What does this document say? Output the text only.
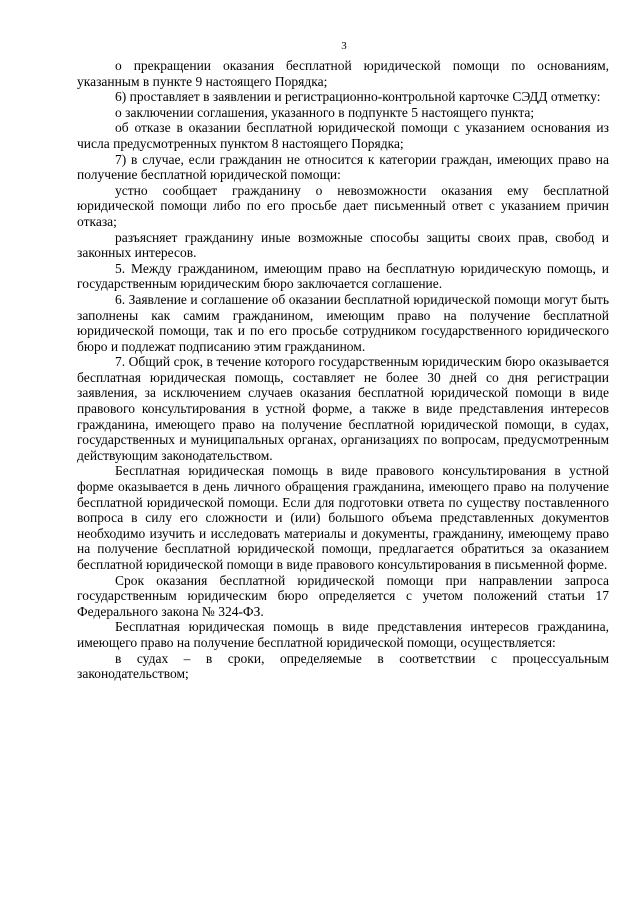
3

о прекращении оказания бесплатной юридической помощи по основаниям, указанным в пункте 9 настоящего Порядка;

6) проставляет в заявлении и регистрационно-контрольной карточке СЭДД отметку:

о заключении соглашения, указанного в подпункте 5 настоящего пункта;

об отказе в оказании бесплатной юридической помощи с указанием основания из числа предусмотренных пунктом 8 настоящего Порядка;

7) в случае, если гражданин не относится к категории граждан, имеющих право на получение бесплатной юридической помощи:

устно сообщает гражданину о невозможности оказания ему бесплатной юридической помощи либо по его просьбе дает письменный ответ с указанием причин отказа;

разъясняет гражданину иные возможные способы защиты своих прав, свобод и законных интересов.

5. Между гражданином, имеющим право на бесплатную юридическую помощь, и государственным юридическим бюро заключается соглашение.

6. Заявление и соглашение об оказании бесплатной юридической помощи могут быть заполнены как самим гражданином, имеющим право на получение бесплатной юридической помощи, так и по его просьбе сотрудником государственного юридического бюро и подлежат подписанию этим гражданином.

7. Общий срок, в течение которого государственным юридическим бюро оказывается бесплатная юридическая помощь, составляет не более 30 дней со дня регистрации заявления, за исключением случаев оказания бесплатной юридической помощи в виде правового консультирования в устной форме, а также в виде представления интересов гражданина, имеющего право на получение бесплатной юридической помощи, в судах, государственных и муниципальных органах, организациях по вопросам, предусмотренным действующим законодательством.

Бесплатная юридическая помощь в виде правового консультирования в устной форме оказывается в день личного обращения гражданина, имеющего право на получение бесплатной юридической помощи. Если для подготовки ответа по существу поставленного вопроса в силу его сложности и (или) большого объема представленных документов необходимо изучить и исследовать материалы и документы, гражданину, имеющему право на получение бесплатной юридической помощи, предлагается обратиться за оказанием бесплатной юридической помощи в виде правового консультирования в письменной форме.

Срок оказания бесплатной юридической помощи при направлении запроса государственным юридическим бюро определяется с учетом положений статьи 17 Федерального закона № 324-ФЗ.

Бесплатная юридическая помощь в виде представления интересов гражданина, имеющего право на получение бесплатной юридической помощи, осуществляется:

в судах – в сроки, определяемые в соответствии с процессуальным законодательством;
